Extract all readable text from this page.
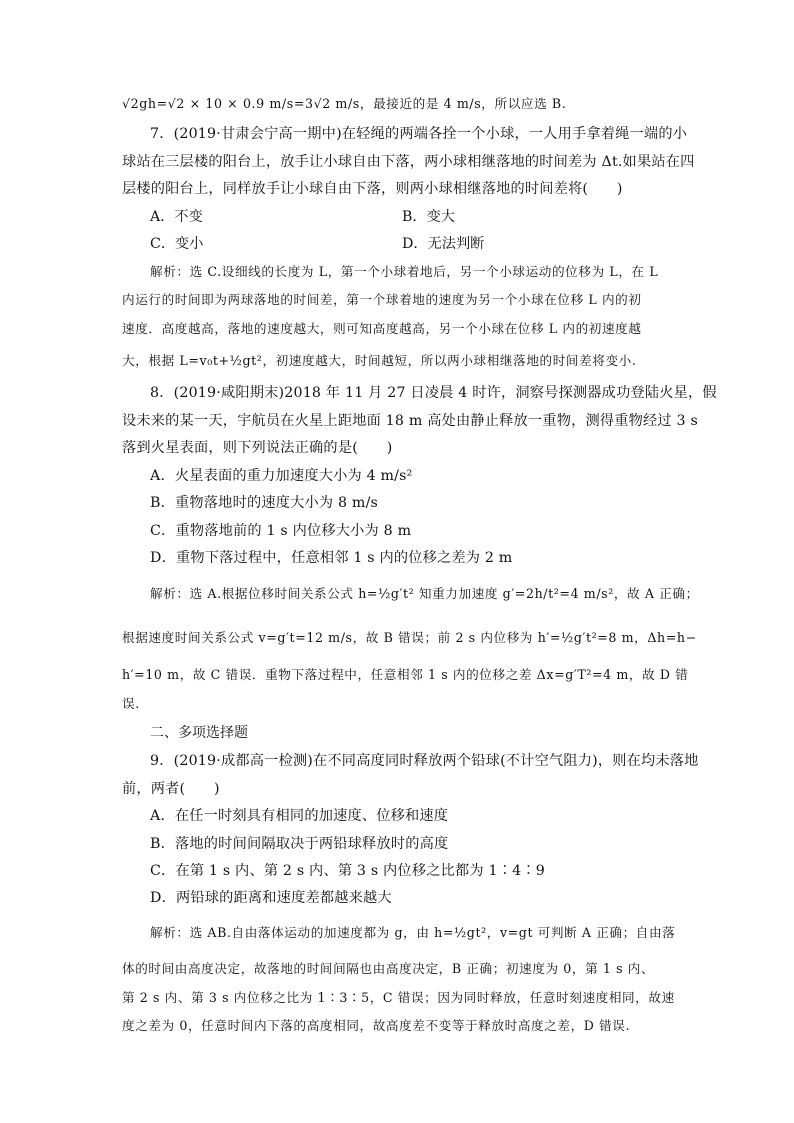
√2gh=√2 × 10 × 0.9 m/s=3√2 m/s，最接近的是 4 m/s，所以应选 B.
7．(2019·甘肃会宁高一期中)在轻绳的两端各拴一个小球，一人用手拿着绳一端的小
球站在三层楼的阳台上，放手让小球自由下落，两小球相继落地的时间差为 Δt.如果站在四
层楼的阳台上，同样放手让小球自由下落，则两小球相继落地的时间差将(　　)
解析：选 C.设细线的长度为 L，第一个小球着地后，另一个小球运动的位移为 L，在 L
内运行的时间即为两球落地的时间差，第一个球着地的速度为另一个小球在位移 L 内的初
速度．高度越高，落地的速度越大，则可知高度越高，另一个小球在位移 L 内的初速度越
大，根据 L=v₀t+½gt²，初速度越大，时间越短，所以两小球相继落地的时间差将变小.
8．(2019·咸阳期末)2018 年 11 月 27 日凌晨 4 时许，洞察号探测器成功登陆火星，假
设未来的某一天，宇航员在火星上距地面 18 m 高处由静止释放一重物，测得重物经过 3 s
落到火星表面，则下列说法正确的是(　　)
A．火星表面的重力加速度大小为 4 m/s²
B．重物落地时的速度大小为 8 m/s
C．重物落地前的 1 s 内位移大小为 8 m
D．重物下落过程中，任意相邻 1 s 内的位移之差为 2 m
解析：选 A.根据位移时间关系公式 h=½g′t² 知重力加速度 g′=2h/t²=4 m/s²，故 A 正确；
根据速度时间关系公式 v=g′t=12 m/s，故 B 错误；前 2 s 内位移为 h′=½g′t²=8 m，Δh=h−
h′=10 m，故 C 错误．重物下落过程中，任意相邻 1 s 内的位移之差 Δx=g′T²=4 m，故 D 错
误.
二、多项选择题
9．(2019·成都高一检测)在不同高度同时释放两个铅球(不计空气阻力)，则在均未落地
前，两者(　　)
A．在任一时刻具有相同的加速度、位移和速度
B．落地的时间间隔取决于两铅球释放时的高度
C．在第 1 s 内、第 2 s 内、第 3 s 内位移之比都为 1∶4∶9
D．两铅球的距离和速度差都越来越大
解析：选 AB.自由落体运动的加速度都为 g，由 h=½gt²，v=gt 可判断 A 正确；自由落
体的时间由高度决定，故落地的时间间隔也由高度决定，B 正确；初速度为 0，第 1 s 内、
第 2 s 内、第 3 s 内位移之比为 1∶3∶5，C 错误；因为同时释放，任意时刻速度相同，故速
度之差为 0，任意时间内下落的高度相同，故高度差不变等于释放时高度之差，D 错误.
A．不变	B．变大
C．变小	D．无法判断
